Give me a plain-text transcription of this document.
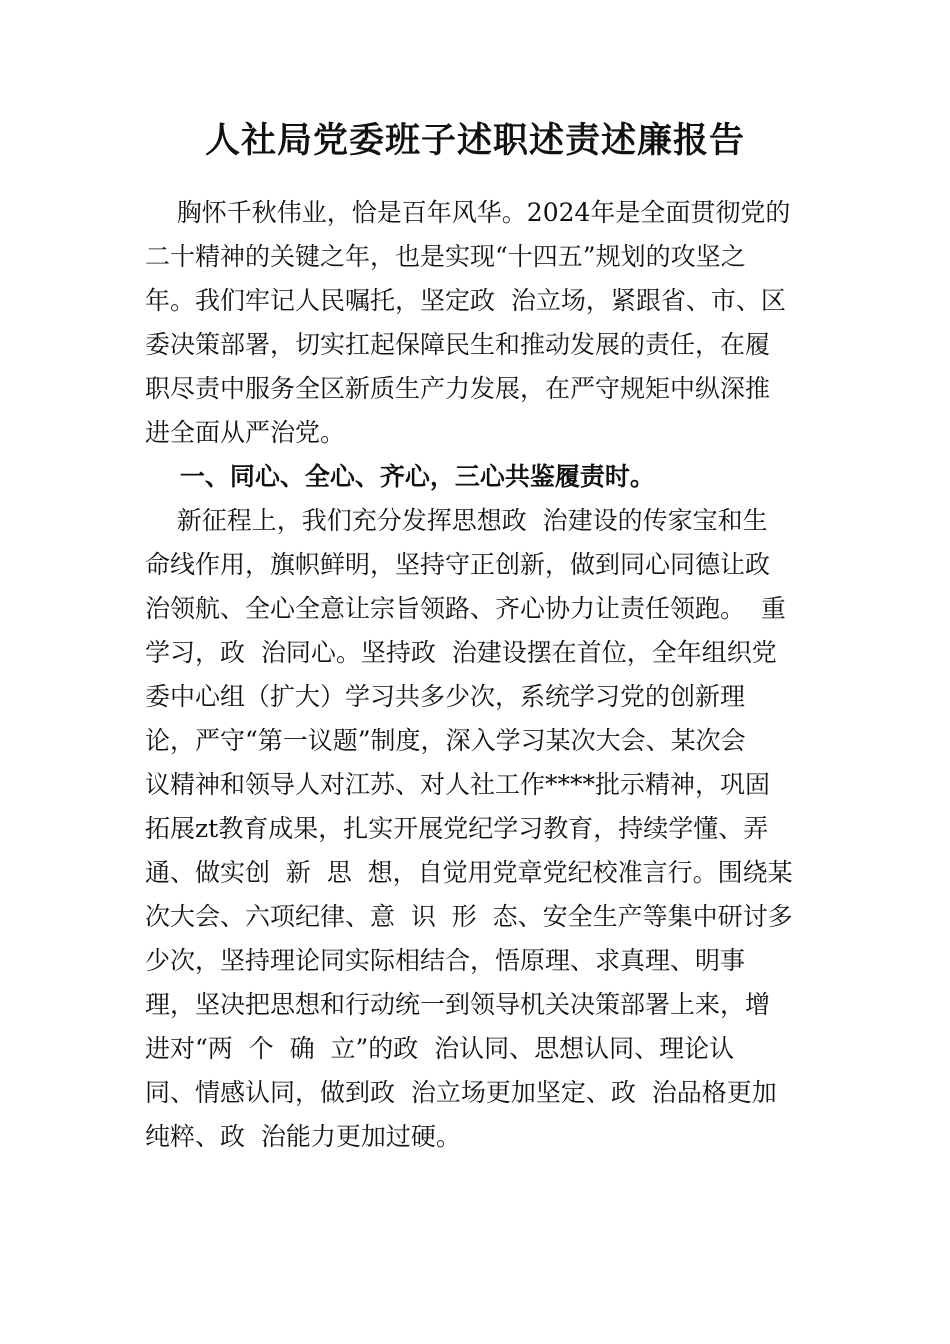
人社局党委班子述职述责述廉报告
胸怀千秋伟业，恰是百年风华。2024年是全面贯彻党的
二十精神的关键之年，也是实现“十四五”规划的攻坚之
年。我们牢记人民嘱托，坚定政  治立场，紧跟省、市、区
委决策部署，切实扛起保障民生和推动发展的责任，在履
职尽责中服务全区新质生产力发展，在严守规矩中纵深推
进全面从严治党。
一、同心、全心、齐心，三心共鉴履责时。
新征程上，我们充分发挥思想政  治建设的传家宝和生
命线作用，旗帜鲜明，坚持守正创新，做到同心同德让政
治领航、全心全意让宗旨领路、齐心协力让责任领跑。  重
学习，政  治同心。坚持政  治建设摆在首位，全年组织党
委中心组（扩大）学习共多少次，系统学习党的创新理
论，严守“第一议题”制度，深入学习某次大会、某次会
议精神和领导人对江苏、对人社工作****批示精神，巩固
拓展zt教育成果，扎实开展党纪学习教育，持续学懂、弄
通、做实创  新  思  想，自觉用党章党纪校准言行。围绕某
次大会、六项纪律、意  识  形  态、安全生产等集中研讨多
少次，坚持理论同实际相结合，悟原理、求真理、明事
理，坚决把思想和行动统一到领导机关决策部署上来，增
进对“两  个  确  立”的政  治认同、思想认同、理论认
同、情感认同，做到政  治立场更加坚定、政  治品格更加
纯粹、政  治能力更加过硬。
